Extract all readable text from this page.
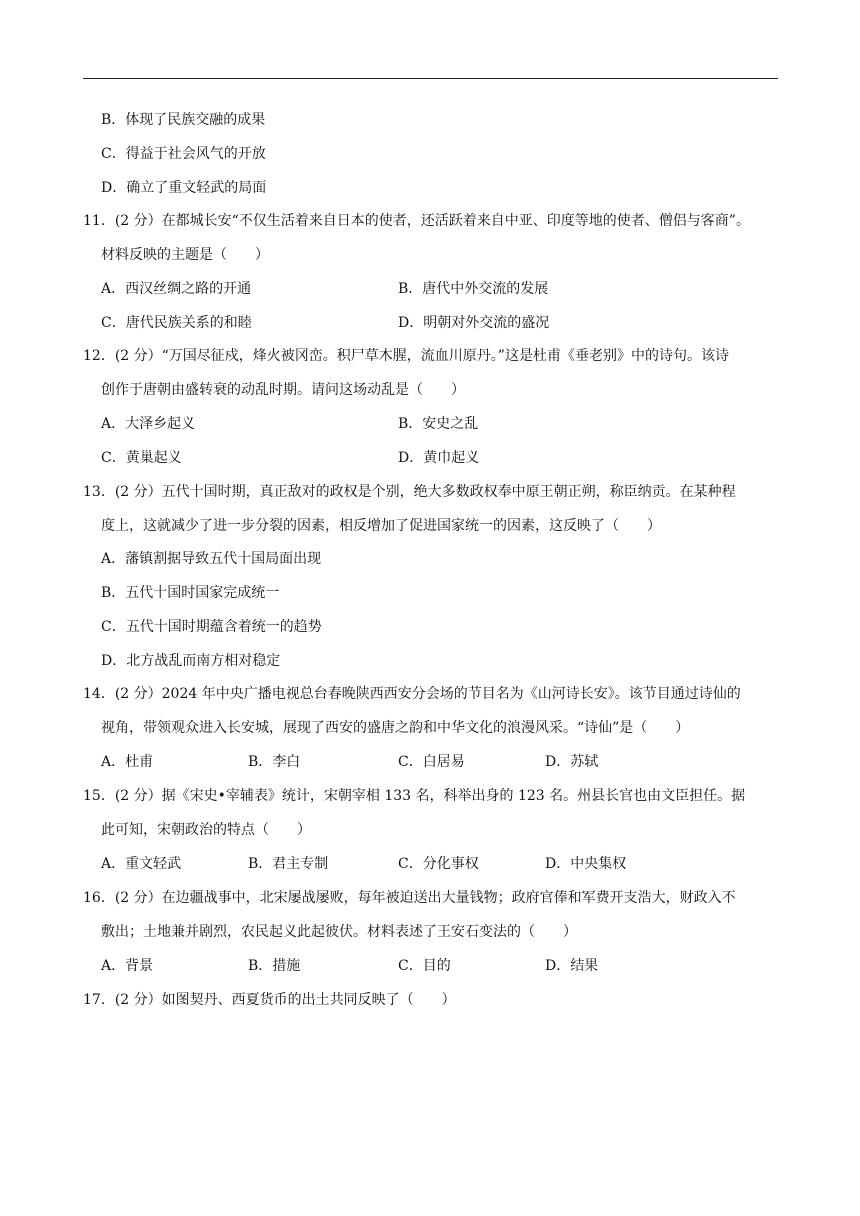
B．体现了民族交融的成果
C．得益于社会风气的开放
D．确立了重文轻武的局面
11．(2 分）在都城长安“不仅生活着来自日本的使者，还活跃着来自中亚、印度等地的使者、僧侣与客商”。
材料反映的主题是（　　）
A．西汉丝绸之路的开通	B．唐代中外交流的发展
C．唐代民族关系的和睦	D．明朝对外交流的盛况
12．(2 分）“万国尽征戍，烽火被冈峦。积尸草木腥，流血川原丹。”这是杜甫《垂老别》中的诗句。该诗
创作于唐朝由盛转衰的动乱时期。请问这场动乱是（　　）
A．大泽乡起义	B．安史之乱
C．黄巢起义	D．黄巾起义
13．(2 分）五代十国时期，真正敌对的政权是个别，绝大多数政权奉中原王朝正朔，称臣纳贡。在某种程
度上，这就减少了进一步分裂的因素，相反增加了促进国家统一的因素，这反映了（　　）
A．藩镇割据导致五代十国局面出现
B．五代十国时国家完成统一
C．五代十国时期蕴含着统一的趋势
D．北方战乱而南方相对稳定
14．(2 分）2024 年中央广播电视总台春晚陕西西安分会场的节目名为《山河诗长安》。该节目通过诗仙的
视角，带领观众进入长安城，展现了西安的盛唐之韵和中华文化的浪漫风采。“诗仙”是（　　）
A．杜甫	B．李白	C．白居易	D．苏轼
15．(2 分）据《宋史•宰辅表》统计，宋朝宰相 133 名，科举出身的 123 名。州县长官也由文臣担任。据
此可知，宋朝政治的特点（　　）
A．重文轻武	B．君主专制	C．分化事权	D．中央集权
16．(2 分）在边疆战事中，北宋屡战屡败，每年被迫送出大量钱物；政府官俸和军费开支浩大，财政入不
敷出；土地兼并剧烈，农民起义此起彼伏。材料表述了王安石变法的（　　）
A．背景	B．措施	C．目的	D．结果
17．(2 分）如图契丹、西夏货币的出土共同反映了（　　）
